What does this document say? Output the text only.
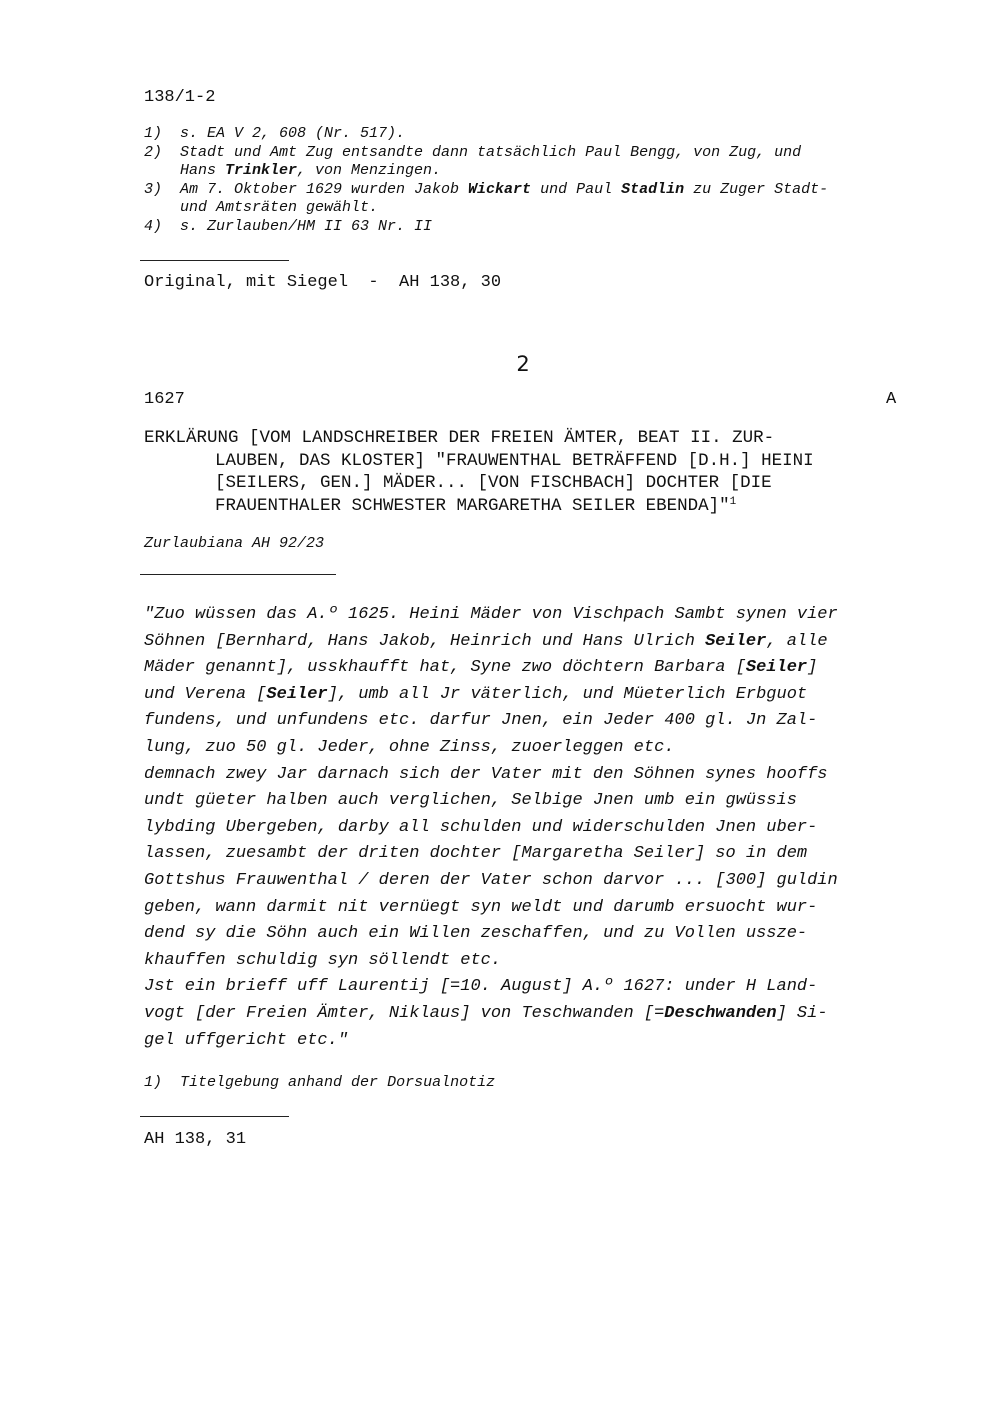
138/1-2
1) s. EA V 2, 608 (Nr. 517).
2) Stadt und Amt Zug entsandte dann tatsächlich Paul Bengg, von Zug, und
Hans Trinkler, von Menzingen.
3) Am 7. Oktober 1629 wurden Jakob Wickart und Paul Stadlin zu Zuger Stadt-
und Amtsräten gewählt.
4) s. Zurlauben/HM II 63 Nr. II
Original, mit Siegel  -  AH 138, 30
2
1627	A
ERKLÄRUNG [VOM LANDSCHREIBER DER FREIEN ÄMTER, BEAT II. ZUR-
LAUBEN, DAS KLOSTER] "FRAUWENTHAL BETRÄFFEND [D.H.] HEINI
[SEILERS, GEN.] MÄDER... [VON FISCHBACH] DOCHTER [DIE
FRAUENTHALER SCHWESTER MARGARETHA SEILER EBENDA]"$^1$
Zurlaubiana AH 92/23
"Zuo wüssen das A.º 1625. Heini Mäder von Vischpach Sambt synen vier
Söhnen [Bernhard, Hans Jakob, Heinrich und Hans Ulrich Seiler, alle
Mäder genannt], usskhaufft hat, Syne zwo döchtern Barbara [Seiler]
und Verena [Seiler], umb all Jr väterlich, und Müeterlich Erbguot
fundens, und unfundens etc. darfur Jnen, ein Jeder 400 gl. Jn Zal-
lung, zuo 50 gl. Jeder, ohne Zinss, zuoerleggen etc.
demnach zwey Jar darnach sich der Vater mit den Söhnen synes hooffs
undt güeter halben auch verglichen, Selbige Jnen umb ein gwüssis
lybding Ubergeben, darby all schulden und widerschulden Jnen uber-
lassen, zuesambt der driten dochter [Margaretha Seiler] so in dem
Gottshus Frauwenthal / deren der Vater schon darvor ... [300] guldin
geben, wann darmit nit vernüegt syn weldt und darumb ersuocht wur-
dend sy die Söhn auch ein Willen zeschaffen, und zu Vollen ussze-
khauffen schuldig syn söllendt etc.
Jst ein brieff uff Laurentij [=10. August] A.º 1627: under H Land-
vogt [der Freien Ämter, Niklaus] von Teschwanden [=Deschwanden] Si-
gel uffgericht etc."
1) Titelgebung anhand der Dorsualnotiz
AH 138, 31
